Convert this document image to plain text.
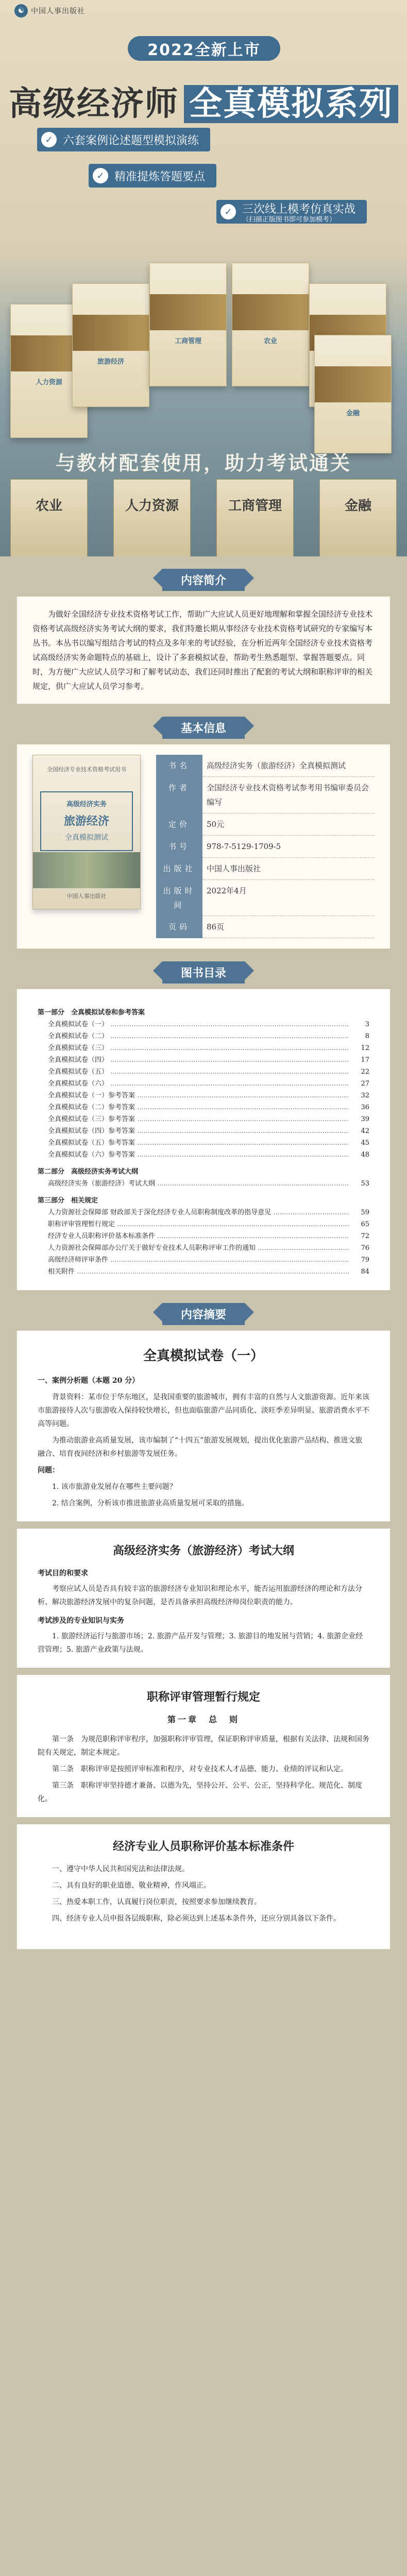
☯ 中国人事出版社
2022全新上市
高级经济师 全真模拟系列
✓ 六套案例论述题型模拟演练
✓ 精准提炼答题要点
✓ 三次线上模考仿真实战
（扫描正版图书即可参加模考）
人力资源
旅游经济
工商管理	农业
金融
与教材配套使用，助力考试通关
农业	人力资源	工商管理	金融
内容简介

为做好全国经济专业技术资格考试工作，帮助广大应试人员更好地理解和掌握全国经济专业技术资格考试高级经济实务考试大纲的要求，我们特邀长期从事经济专业技术资格考试研究的专家编写本丛书。本丛书以编写组结合考试的特点及多年来的考试经验，在分析近两年全国经济专业技术资格考试高级经济实务命题特点的基础上，设计了多套模拟试卷，帮助考生熟悉题型、掌握答题要点。同时，为方便广大应试人员学习和了解考试动态，我们还同时推出了配套的考试大纲和职称评审的相关规定，供广大应试人员学习参考。

基本信息
全国经济专业技术资格考试用书
高级经济实务
旅游经济
全真模拟测试
中国人事出版社
书名	高级经济实务（旅游经济）全真模拟测试
作者	全国经济专业技术资格考试参考用书编审委员会 编写
定价	50元
书号	978-7-5129-1709-5
出版社	中国人事出版社
出版时间	2022年4月
页码	86页
图书目录
第一部分　全真模拟试卷和参考答案
全真模拟试卷（一） .....	3
全真模拟试卷（二） .....	8
全真模拟试卷（三） .....	12
全真模拟试卷（四） .....	17
全真模拟试卷（五） .....	22
全真模拟试卷（六） .....	27
全真模拟试卷（一）参考答案 .....	32
全真模拟试卷（二）参考答案 .....	36
全真模拟试卷（三）参考答案 .....	39
全真模拟试卷（四）参考答案 .....	42
全真模拟试卷（五）参考答案 .....	45
全真模拟试卷（六）参考答案 .....	48
第二部分　高级经济实务考试大纲
高级经济实务（旅游经济）考试大纲 .....	53
第三部分　相关规定
人力资源社会保障部 财政部关于深化经济专业人员职称制度改革的指导意见 .....	59
职称评审管理暂行规定 .....	65
经济专业人员职称评价基本标准条件 .....	72
人力资源社会保障部办公厅关于做好专业技术人员职称评审工作的通知 .....	76
高级经济师评审条件 .....	79
相关附件 .....	84
内容摘要
全真模拟试卷（一）
一、案例分析题（本题 20 分）

背景资料：某市位于华东地区，是我国重要的旅游城市，拥有丰富的自然与人文旅游资源。近年来该市旅游接待人次与旅游收入保持较快增长，但也面临旅游产品同质化、淡旺季差异明显、旅游消费水平不高等问题。

为推动旅游业高质量发展，该市编制了“十四五”旅游发展规划，提出优化旅游产品结构、推进文旅融合、培育夜间经济和乡村旅游等发展任务。

问题：

1. 该市旅游业发展存在哪些主要问题？

2. 结合案例，分析该市推进旅游业高质量发展可采取的措施。

高级经济实务（旅游经济）考试大纲
考试目的和要求

考察应试人员是否具有较丰富的旅游经济专业知识和理论水平，能否运用旅游经济的理论和方法分析、解决旅游经济发展中的复杂问题，是否具备承担高级经济师岗位职责的能力。

考试涉及的专业知识与实务

1. 旅游经济运行与旅游市场；2. 旅游产品开发与管理；3. 旅游目的地发展与营销；4. 旅游企业经营管理；5. 旅游产业政策与法规。

职称评审管理暂行规定
第一章　总　则

第一条　为规范职称评审程序，加强职称评审管理，保证职称评审质量，根据有关法律、法规和国务院有关规定，制定本规定。

第二条　职称评审是按照评审标准和程序，对专业技术人才品德、能力、业绩的评议和认定。

第三条　职称评审坚持德才兼备、以德为先，坚持公开、公平、公正，坚持科学化、规范化、制度化。

经济专业人员职称评价基本标准条件

一、遵守中华人民共和国宪法和法律法规。

二、具有良好的职业道德、敬业精神，作风端正。

三、热爱本职工作，认真履行岗位职责，按照要求参加继续教育。

四、经济专业人员申报各层级职称，除必须达到上述基本条件外，还应分别具备以下条件。
